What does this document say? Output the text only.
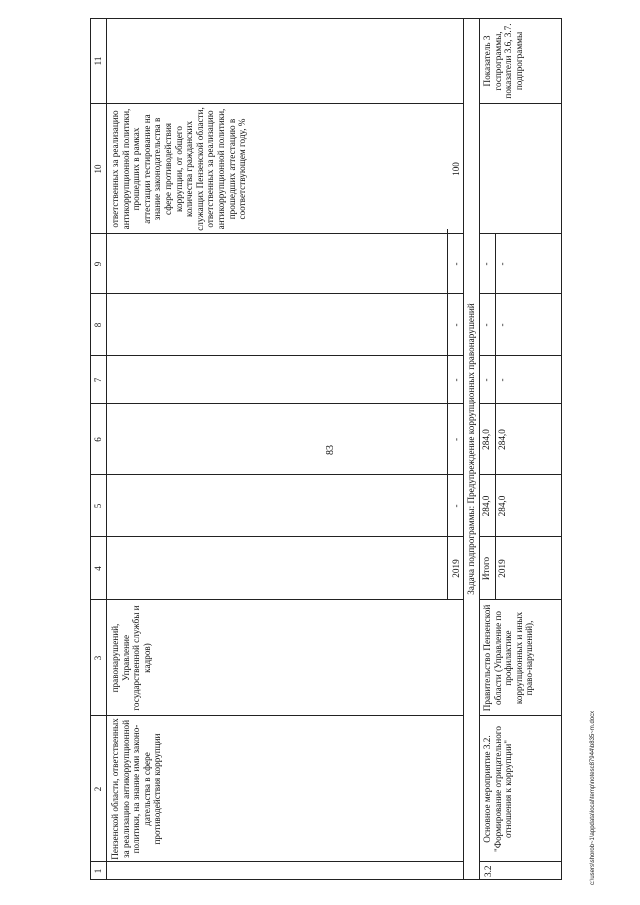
83
1
2
3
4
5
6
7
8
9
10
11
Пензенской области, ответственных за реализацию антикоррупционной политики, на знание ими законо-дательства в сфере противодействия коррупции
правонарушений, Управление государственной службы и кадров)
ответственных за реализацию антикоррупционной политики, прошедших в рамках аттестации тестирование на знание законодательства в сфере противодействия коррупции, от общего количества гражданских служащих Пензенской области, ответственных за реализацию антикоррупционной политики, прошедших аттестацию в соответствующем году, %
2019
-
-
-
-
-
100
Задача подпрограммы: Предупреждение коррупционных правонарушений
3.2
Основное мероприятие 3.2. "Формирование отрицательного отношения к коррупции"
Правительство Пензенской области (Управление по профилактике коррупционных и иных право-нарушений),
Итого
284,0
284,0
-
-
-
2019
284,0
284,0
-
-
-
Показатель 3 госпрограммы, показатели 3.6, 3.7. подпрограммы
c:\users\shorob~1\appdata\local\temp\notesc87944\b835~m.docx
